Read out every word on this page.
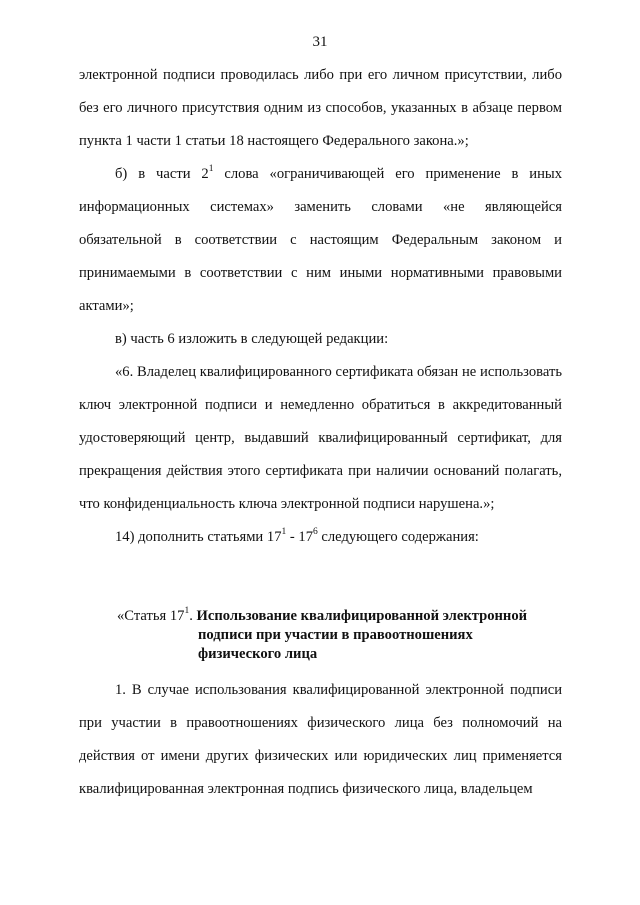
31

электронной подписи проводилась либо при его личном присутствии, либо без его личного присутствия одним из способов, указанных в абзаце первом пункта 1 части 1 статьи 18 настоящего Федерального закона.»;

б) в части $2^1$ слова «ограничивающей его применение в иных информационных системах» заменить словами «не являющейся обязательной в соответствии с настоящим Федеральным законом и принимаемыми в соответствии с ним иными нормативными правовыми актами»;

в) часть 6 изложить в следующей редакции:

«6. Владелец квалифицированного сертификата обязан не использовать ключ электронной подписи и немедленно обратиться в аккредитованный удостоверяющий центр, выдавший квалифицированный сертификат, для прекращения действия этого сертификата при наличии оснований полагать, что конфиденциальность ключа электронной подписи нарушена.»;

14) дополнить статьями $17^1 - 17^6$ следующего содержания:

«Статья $17^1$. Использование квалифицированной электронной
подписи при участии в правоотношениях
физического лица

1. В случае использования квалифицированной электронной подписи при участии в правоотношениях физического лица без полномочий на действия от имени других физических или юридических лиц применяется квалифицированная электронная подпись физического лица, владельцем
